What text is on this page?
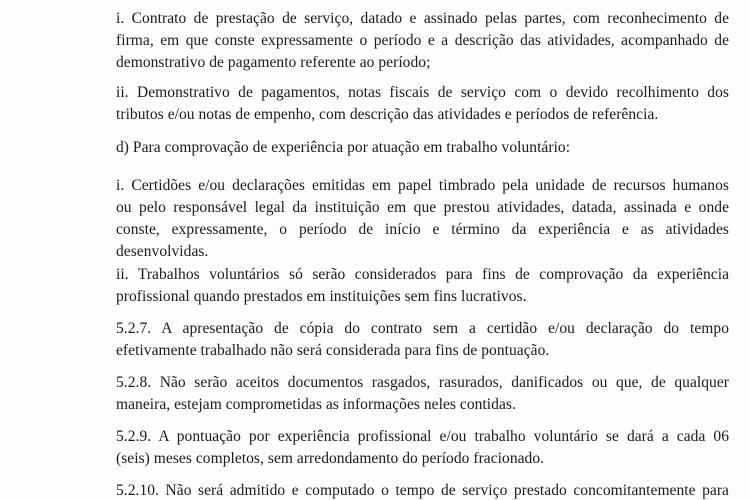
i. Contrato de prestação de serviço, datado e assinado pelas partes, com reconhecimento de
firma, em que conste expressamente o período e a descrição das atividades, acompanhado de
demonstrativo de pagamento referente ao período;
ii. Demonstrativo de pagamentos, notas fiscais de serviço com o devido recolhimento dos
tributos e/ou notas de empenho, com descrição das atividades e períodos de referência.
d) Para comprovação de experiência por atuação em trabalho voluntário:
i. Certidões e/ou declarações emitidas em papel timbrado pela unidade de recursos humanos
ou pelo responsável legal da instituição em que prestou atividades, datada, assinada e onde
conste, expressamente, o período de início e término da experiência e as atividades
desenvolvidas.
ii. Trabalhos voluntários só serão considerados para fins de comprovação da experiência
profissional quando prestados em instituições sem fins lucrativos.
5.2.7. A apresentação de cópia do contrato sem a certidão e/ou declaração do tempo
efetivamente trabalhado não será considerada para fins de pontuação.
5.2.8. Não serão aceitos documentos rasgados, rasurados, danificados ou que, de qualquer
maneira, estejam comprometidas as informações neles contidas.
5.2.9. A pontuação por experiência profissional e/ou trabalho voluntário se dará a cada 06
(seis) meses completos, sem arredondamento do período fracionado.
5.2.10. Não será admitido e computado o tempo de serviço prestado concomitantemente para
